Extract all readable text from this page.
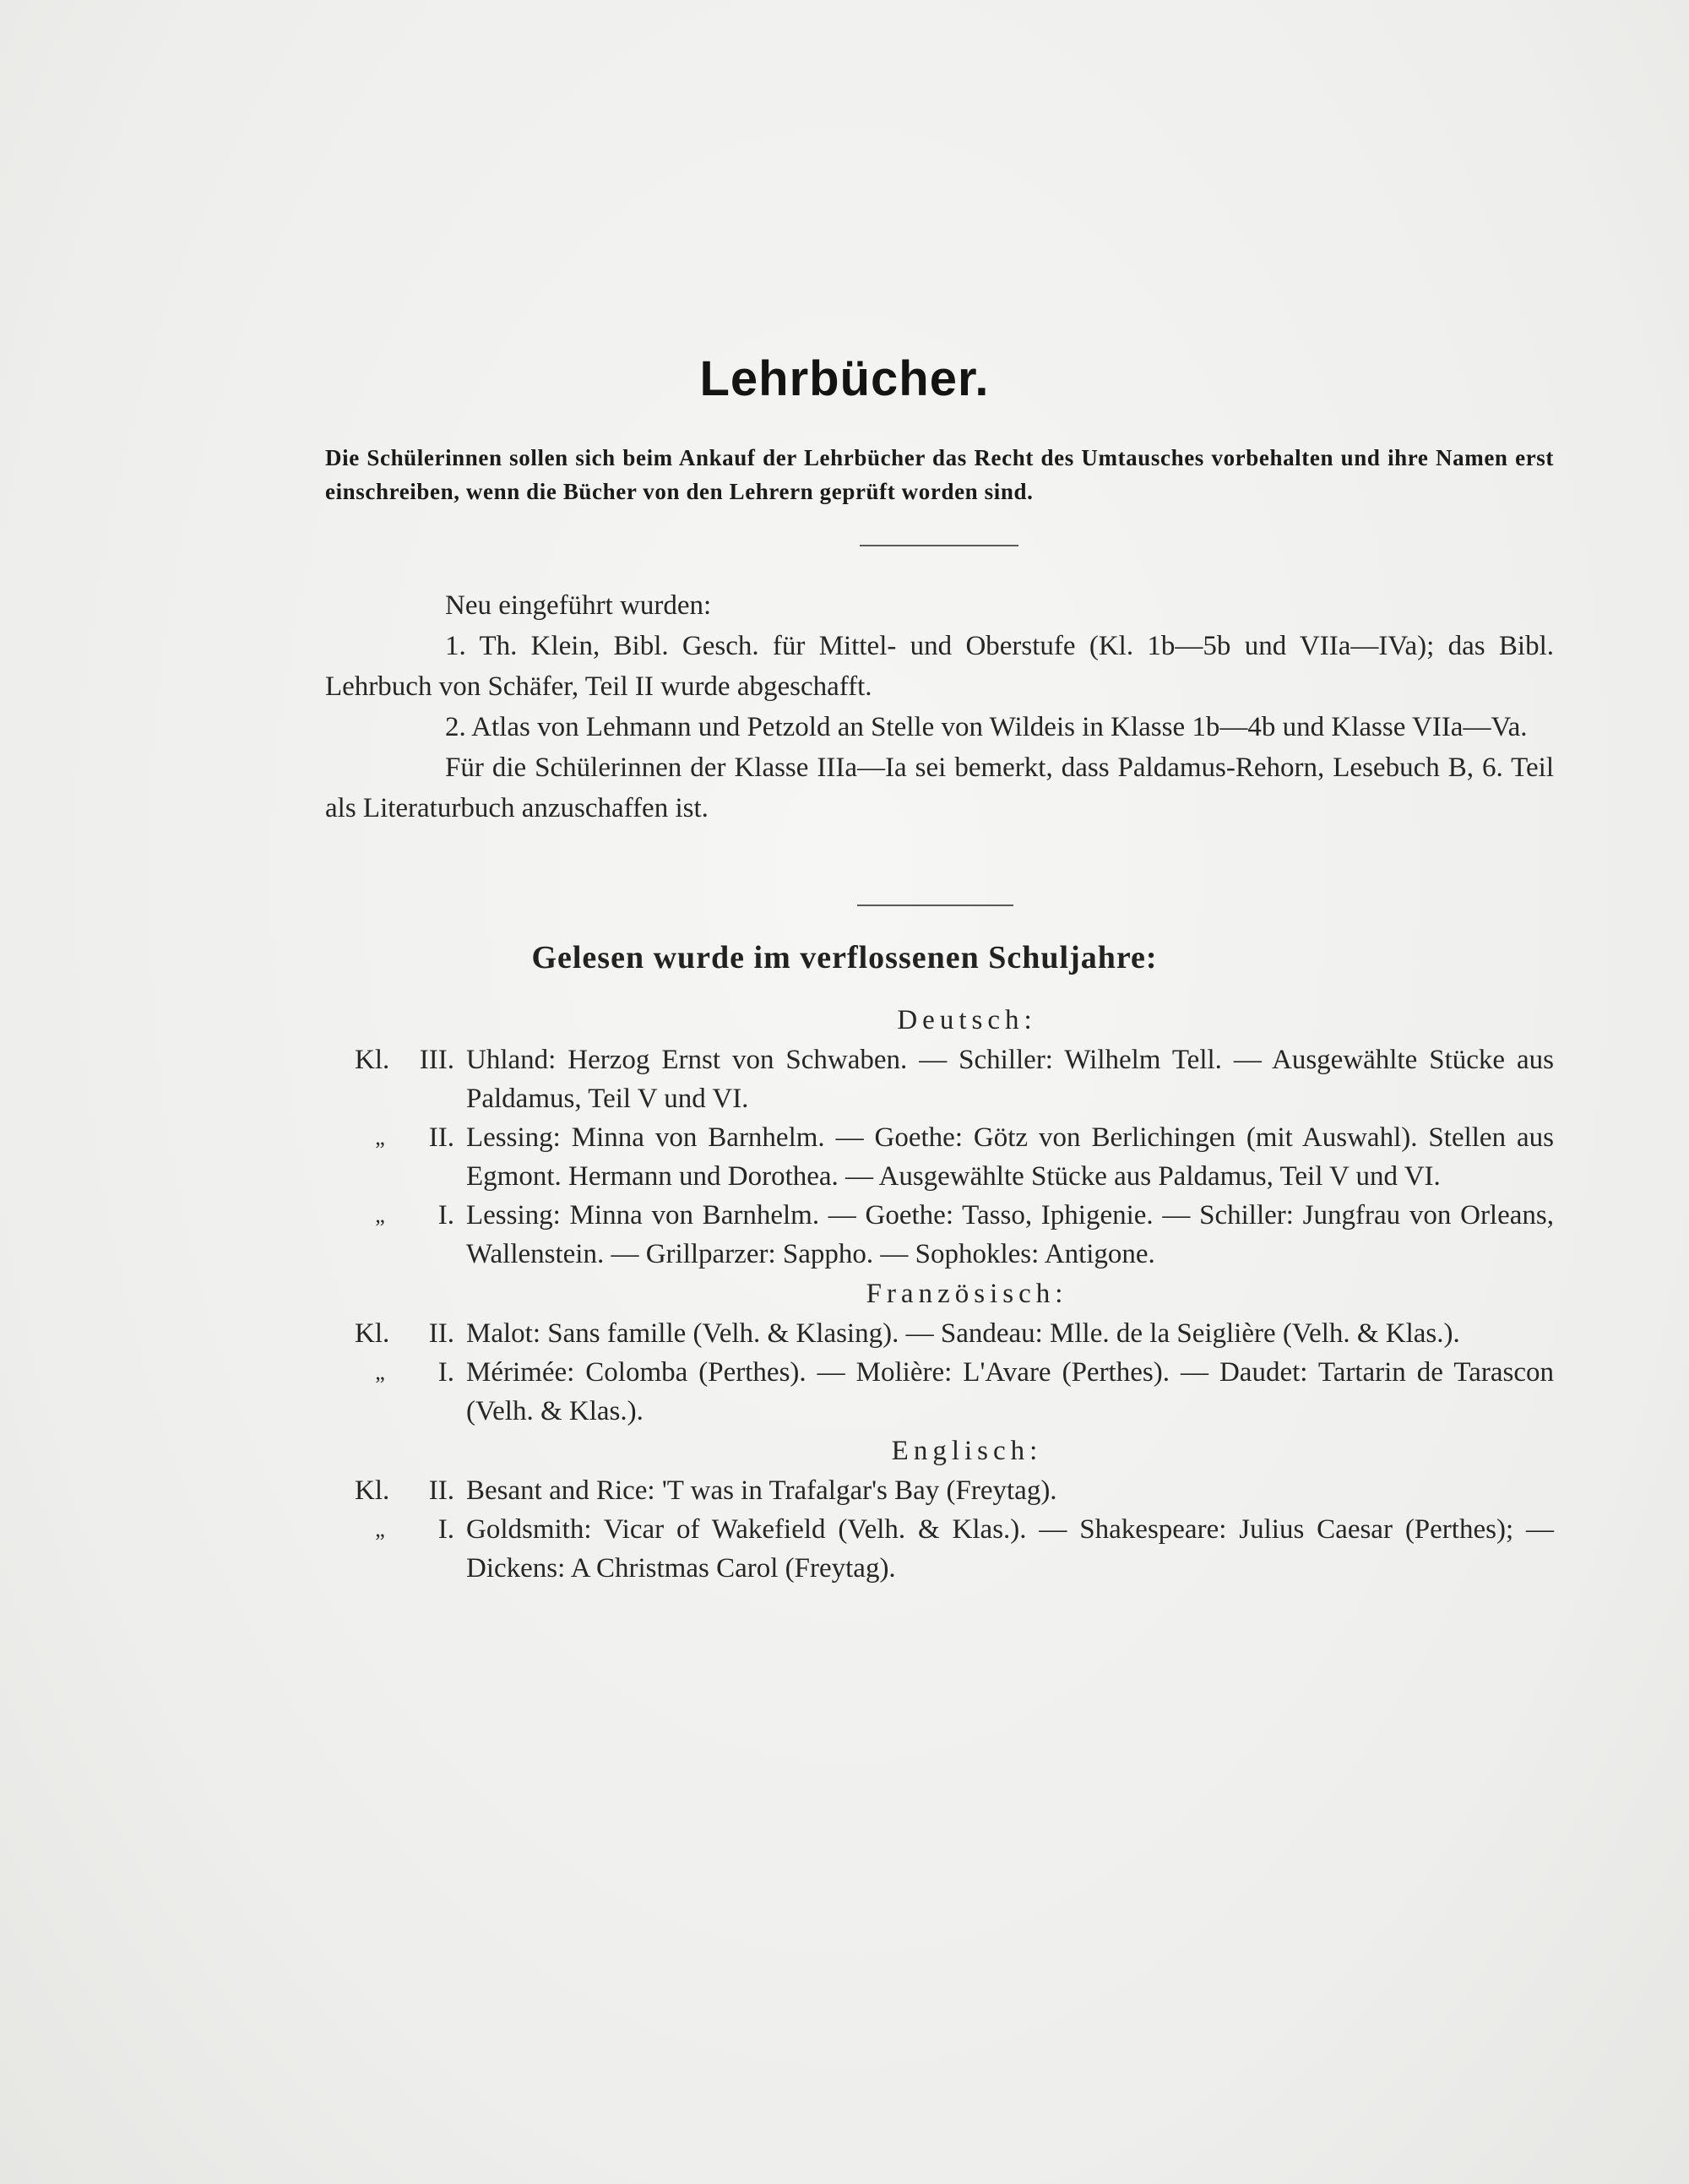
Lehrbücher.
Die Schülerinnen sollen sich beim Ankauf der Lehrbücher das Recht des Umtausches vorbehalten und ihre Namen erst einschreiben, wenn die Bücher von den Lehrern geprüft worden sind.

Neu eingeführt wurden:

1. Th. Klein, Bibl. Gesch. für Mittel- und Oberstufe (Kl. 1b—5b und VIIa—IVa); das Bibl. Lehrbuch von Schäfer, Teil II wurde abgeschafft.

2. Atlas von Lehmann und Petzold an Stelle von Wildeis in Klasse 1b—4b und Klasse VIIa—Va.

Für die Schülerinnen der Klasse IIIa—Ia sei bemerkt, dass Paldamus-Rehorn, Lesebuch B, 6. Teil als Literaturbuch anzuschaffen ist.

Gelesen wurde im verflossenen Schuljahre:
Deutsch:
Kl.	III. Uhland: Herzog Ernst von Schwaben. — Schiller: Wilhelm Tell. — Ausgewählte Stücke aus Paldamus, Teil V und VI.
„	II. Lessing: Minna von Barnhelm. — Goethe: Götz von Berlichingen (mit Auswahl). Stellen aus Egmont. Hermann und Dorothea. — Ausgewählte Stücke aus Paldamus, Teil V und VI.
„	I. Lessing: Minna von Barnhelm. — Goethe: Tasso, Iphigenie. — Schiller: Jungfrau von Orleans, Wallenstein. — Grillparzer: Sappho. — Sophokles: Antigone.
Französisch:
Kl.	II. Malot: Sans famille (Velh. & Klasing). — Sandeau: Mlle. de la Seiglière (Velh. & Klas.).
„	I. Mérimée: Colomba (Perthes). — Molière: L'Avare (Perthes). — Daudet: Tartarin de Tarascon (Velh. & Klas.).
Englisch:
Kl.	II. Besant and Rice: 'T was in Trafalgar's Bay (Freytag).
„	I. Goldsmith: Vicar of Wakefield (Velh. & Klas.). — Shakespeare: Julius Caesar (Perthes); — Dickens: A Christmas Carol (Freytag).
